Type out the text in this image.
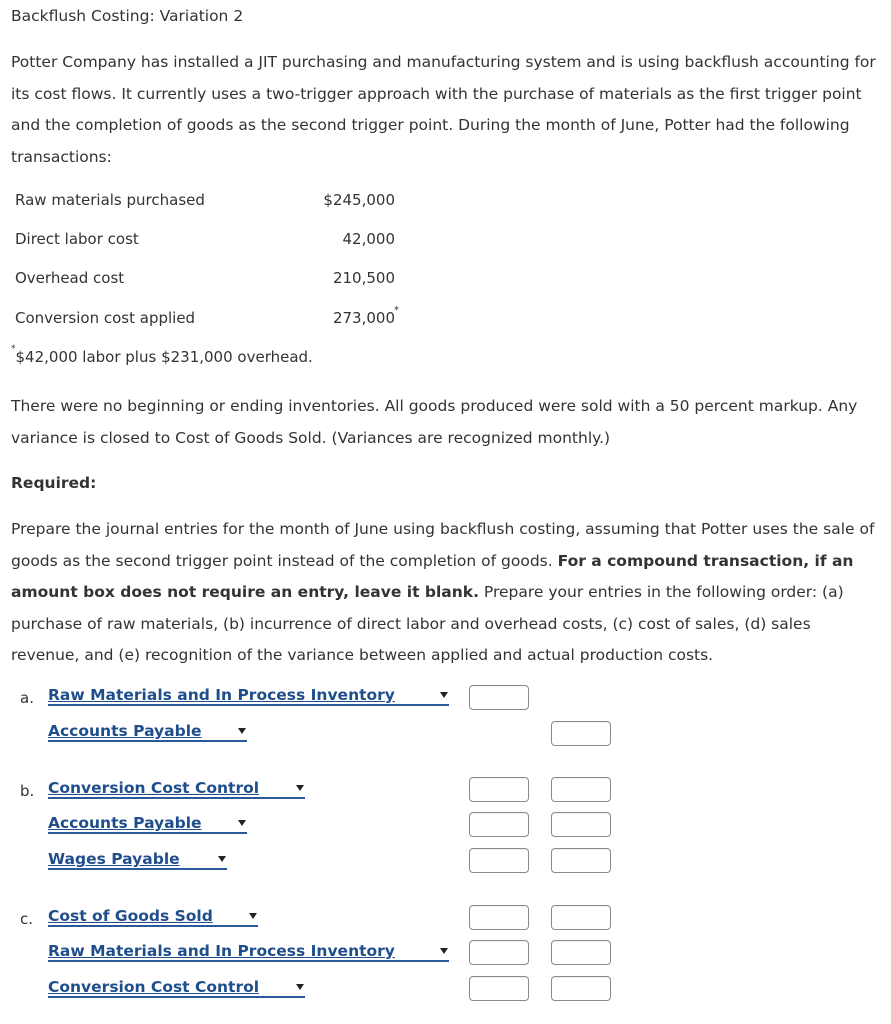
Backflush Costing: Variation 2
Potter Company has installed a JIT purchasing and manufacturing system and is using backflush accounting for its cost flows. It currently uses a two-trigger approach with the purchase of materials as the first trigger point and the completion of goods as the second trigger point. During the month of June, Potter had the following transactions:
Raw materials purchased	$245,000
Direct labor cost	42,000
Overhead cost	210,500
Conversion cost applied	273,000 *
*$42,000 labor plus $231,000 overhead.
There were no beginning or ending inventories. All goods produced were sold with a 50 percent markup. Any variance is closed to Cost of Goods Sold. (Variances are recognized monthly.)
Required:
Prepare the journal entries for the month of June using backflush costing, assuming that Potter uses the sale of goods as the second trigger point instead of the completion of goods. For a compound transaction, if an amount box does not require an entry, leave it blank. Prepare your entries in the following order: (a) purchase of raw materials, (b) incurrence of direct labor and overhead costs, (c) cost of sales, (d) sales revenue, and (e) recognition of the variance between applied and actual production costs.
a. Raw Materials and In Process Inventory
Accounts Payable
b. Conversion Cost Control
Accounts Payable
Wages Payable
c. Cost of Goods Sold
Raw Materials and In Process Inventory
Conversion Cost Control
